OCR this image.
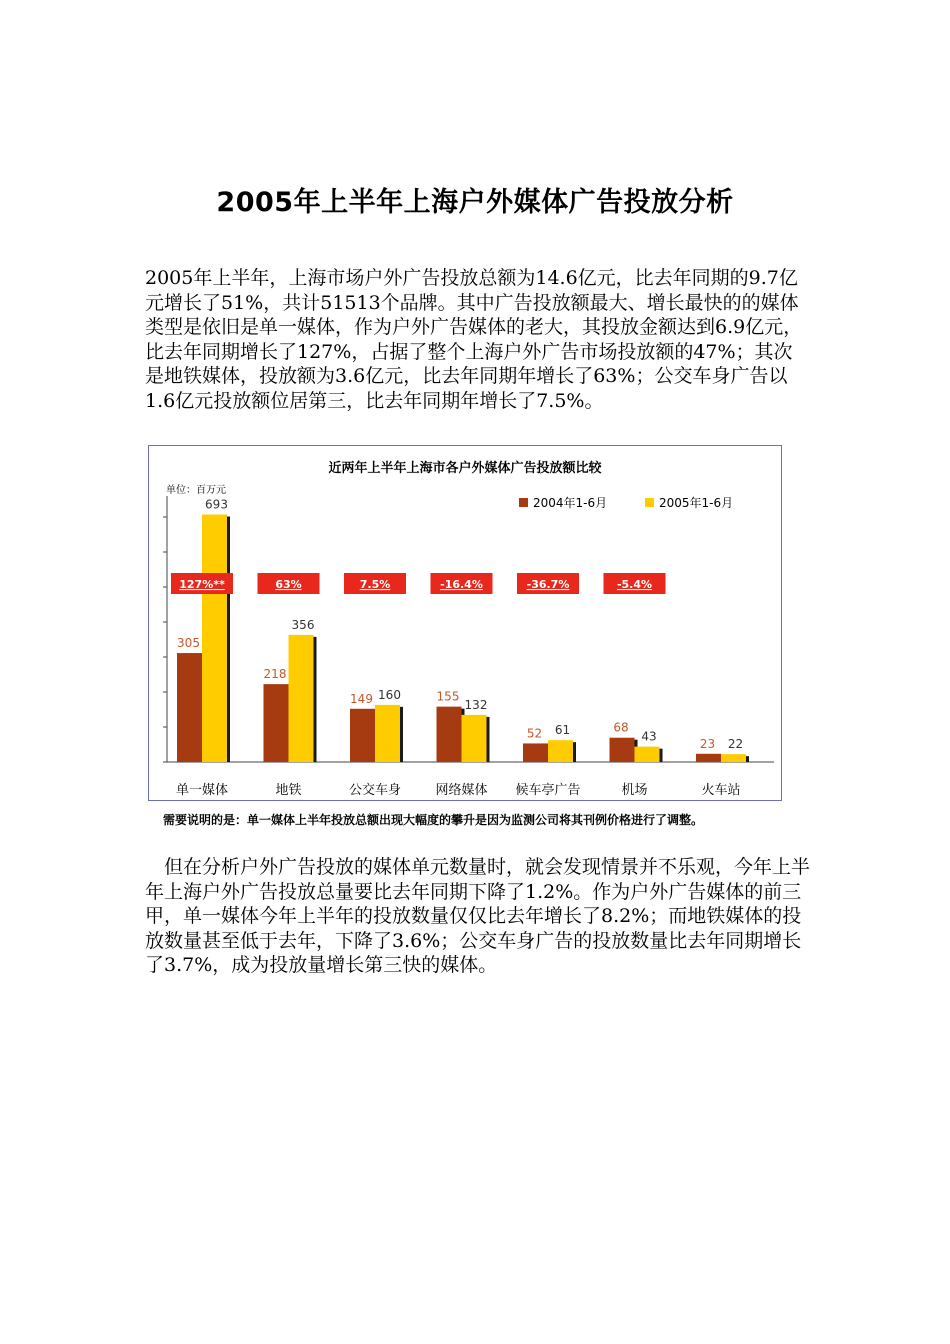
2005年上半年上海户外媒体广告投放分析

2005年上半年，上海市场户外广告投放总额为14.6亿元，比去年同期的9.7亿元增长了51%，共计51513个品牌。其中广告投放额最大、增长最快的的媒体类型是依旧是单一媒体，作为户外广告媒体的老大，其投放金额达到6.9亿元，比去年同期增长了127%，占据了整个上海户外广告市场投放额的47%；其次是地铁媒体，投放额为3.6亿元，比去年同期年增长了63%；公交车身广告以1.6亿元投放额位居第三，比去年同期年增长了7.5%。

近两年上半年上海市各户外媒体广告投放额比较
单位：百万元
2004年1-6月	2005年1-6月
305
693
单一媒体
218
356
地铁
149 160
公交车身
155
132
网络媒体
52 61
候车亭广告
68
43
机场
23 22
火车站
127%**	63%	7.5%	-16.4%	-36.7%	-5.4%
需要说明的是：单一媒体上半年投放总额出现大幅度的攀升是因为监测公司将其刊例价格进行了调整。

但在分析户外广告投放的媒体单元数量时，就会发现情景并不乐观，今年上半年上海户外广告投放总量要比去年同期下降了1.2%。作为户外广告媒体的前三甲，单一媒体今年上半年的投放数量仅仅比去年增长了8.2%；而地铁媒体的投放数量甚至低于去年，下降了3.6%；公交车身广告的投放数量比去年同期增长了3.7%，成为投放量增长第三快的媒体。
